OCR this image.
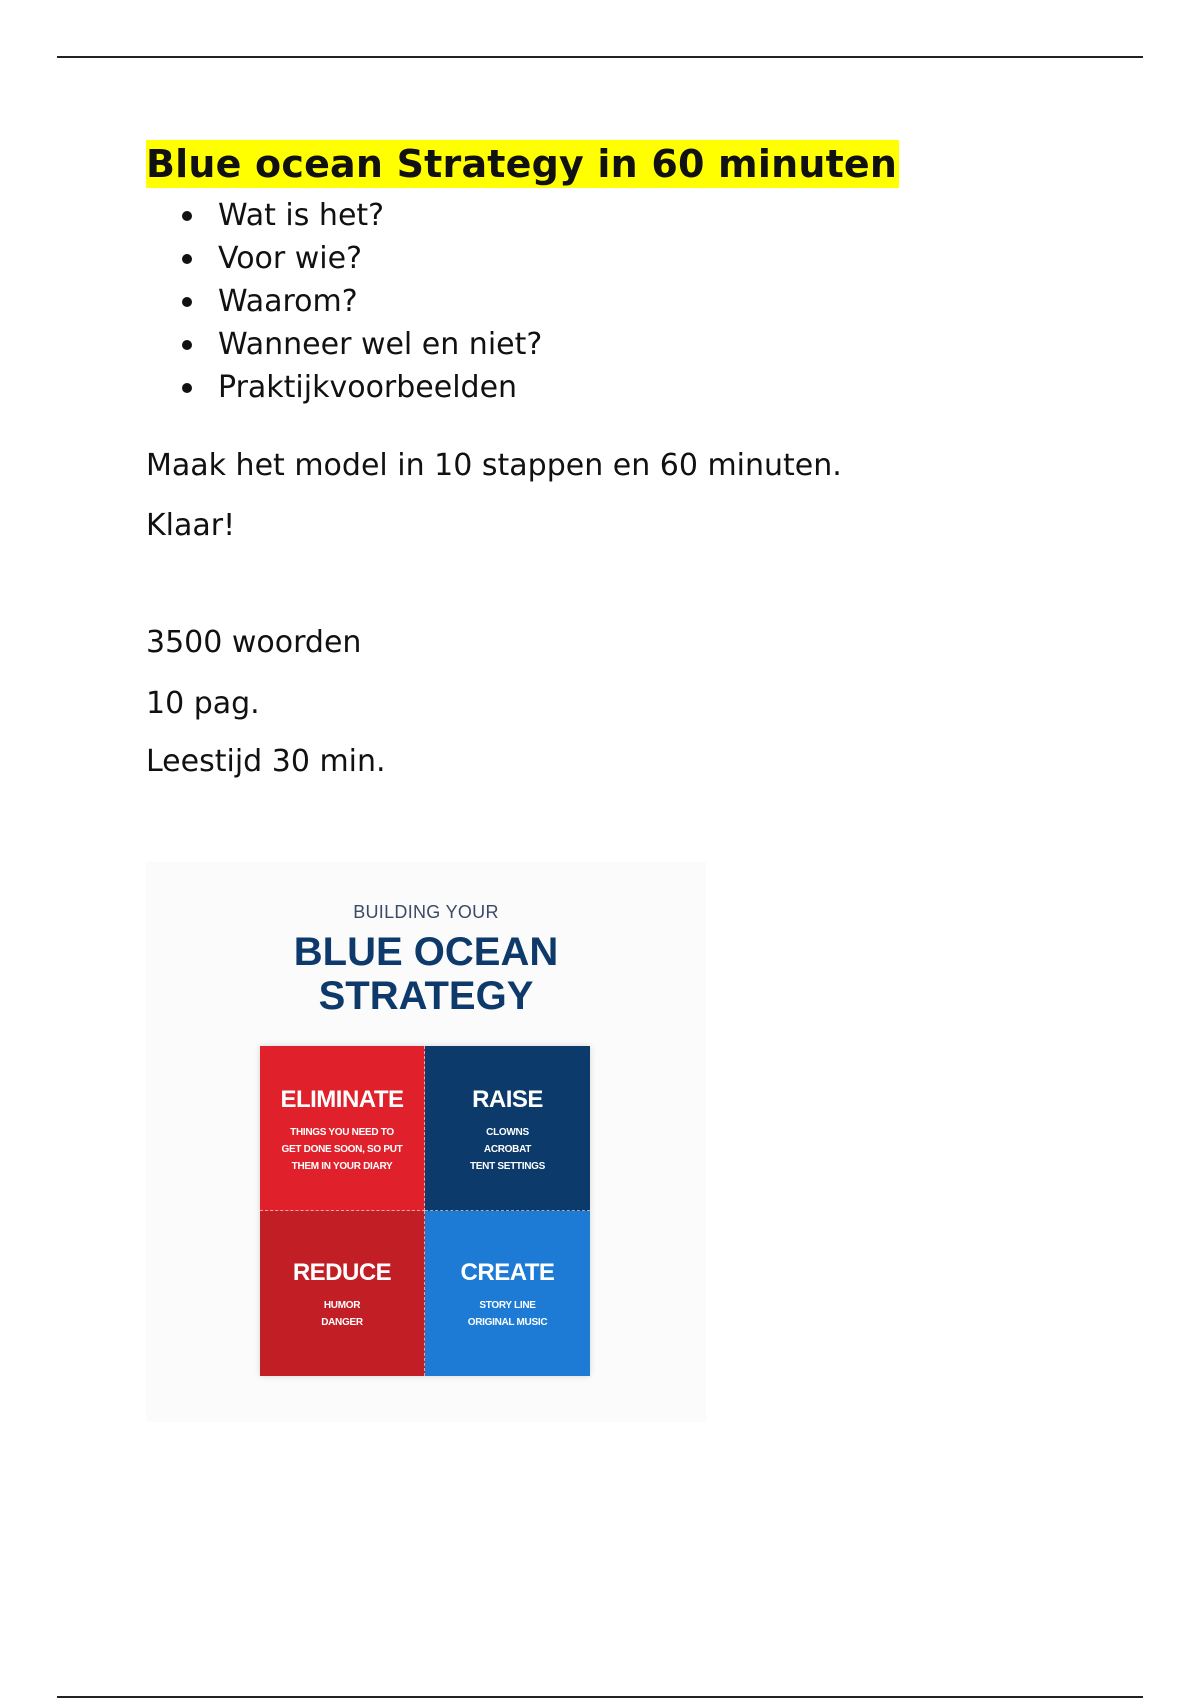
Blue ocean Strategy in 60 minuten
Wat is het?
Voor wie?
Waarom?
Wanneer wel en niet?
Praktijkvoorbeelden

Maak het model in 10 stappen en 60 minuten.

Klaar!

3500 woorden

10 pag.

Leestijd 30 min.

BUILDING YOUR
BLUE OCEAN
STRATEGY
ELIMINATE
THINGS YOU NEED TO
GET DONE SOON, SO PUT
THEM IN YOUR DIARY
RAISE
CLOWNS
ACROBAT
TENT SETTINGS
REDUCE
HUMOR
DANGER
CREATE
STORY LINE
ORIGINAL MUSIC
